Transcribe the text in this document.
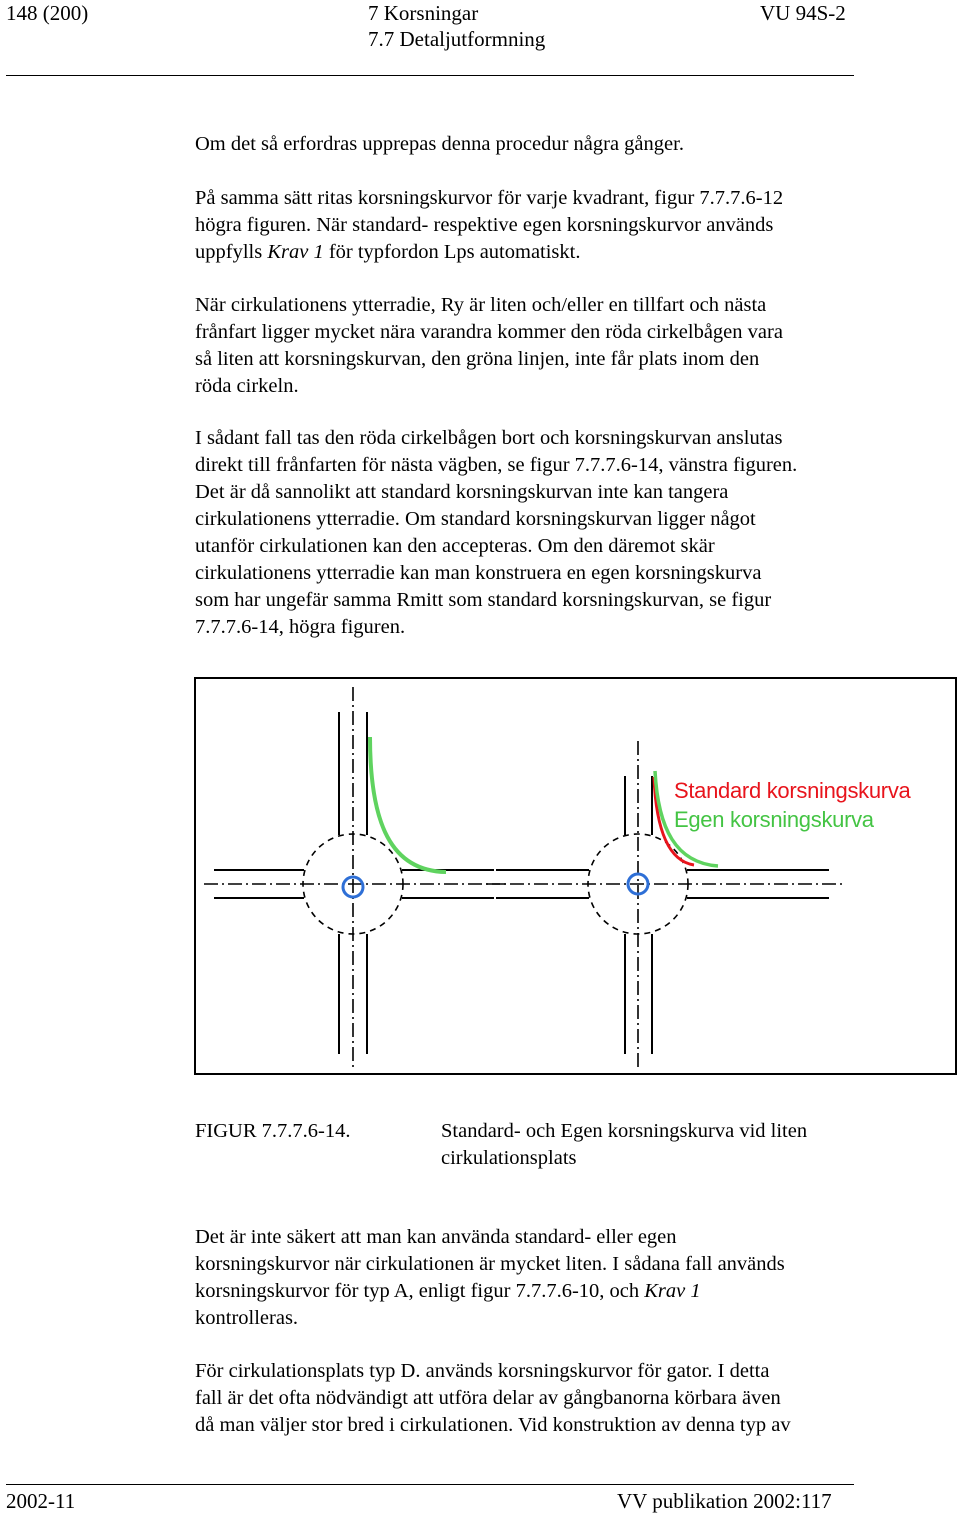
148 (200)	7 Korsningar
7.7 Detaljutformning
VU 94S-2
Om det så erfordras upprepas denna procedur några gånger.
På samma sätt ritas korsningskurvor för varje kvadrant, figur 7.7.7.6-12
högra figuren. När standard- respektive egen korsningskurvor används
uppfylls Krav 1 för typfordon Lps automatiskt.
När cirkulationens ytterradie, Ry är liten och/eller en tillfart och nästa
frånfart ligger mycket nära varandra kommer den röda cirkelbågen vara
så liten att korsningskurvan, den gröna linjen, inte får plats inom den
röda cirkeln.
I sådant fall tas den röda cirkelbågen bort och korsningskurvan anslutas
direkt till frånfarten för nästa vägben, se figur 7.7.7.6-14, vänstra figuren.
Det är då sannolikt att standard korsningskurvan inte kan tangera
cirkulationens ytterradie. Om standard korsningskurvan ligger något
utanför cirkulationen kan den accepteras. Om den däremot skär
cirkulationens ytterradie kan man konstruera en egen korsningskurva
som har ungefär samma Rmitt som standard korsningskurvan, se figur
7.7.7.6-14, högra figuren.
Standard korsningskurva
Egen korsningskurva
FIGUR 7.7.7.6-14.	Standard- och Egen korsningskurva vid liten
cirkulationsplats
Det är inte säkert att man kan använda standard- eller egen
korsningskurvor när cirkulationen är mycket liten. I sådana fall används
korsningskurvor för typ A, enligt figur 7.7.7.6-10, och Krav 1
kontrolleras.
För cirkulationsplats typ D. används korsningskurvor för gator. I detta
fall är det ofta nödvändigt att utföra delar av gångbanorna körbara även
då man väljer stor bred i cirkulationen. Vid konstruktion av denna typ av
2002-11	VV publikation 2002:117
